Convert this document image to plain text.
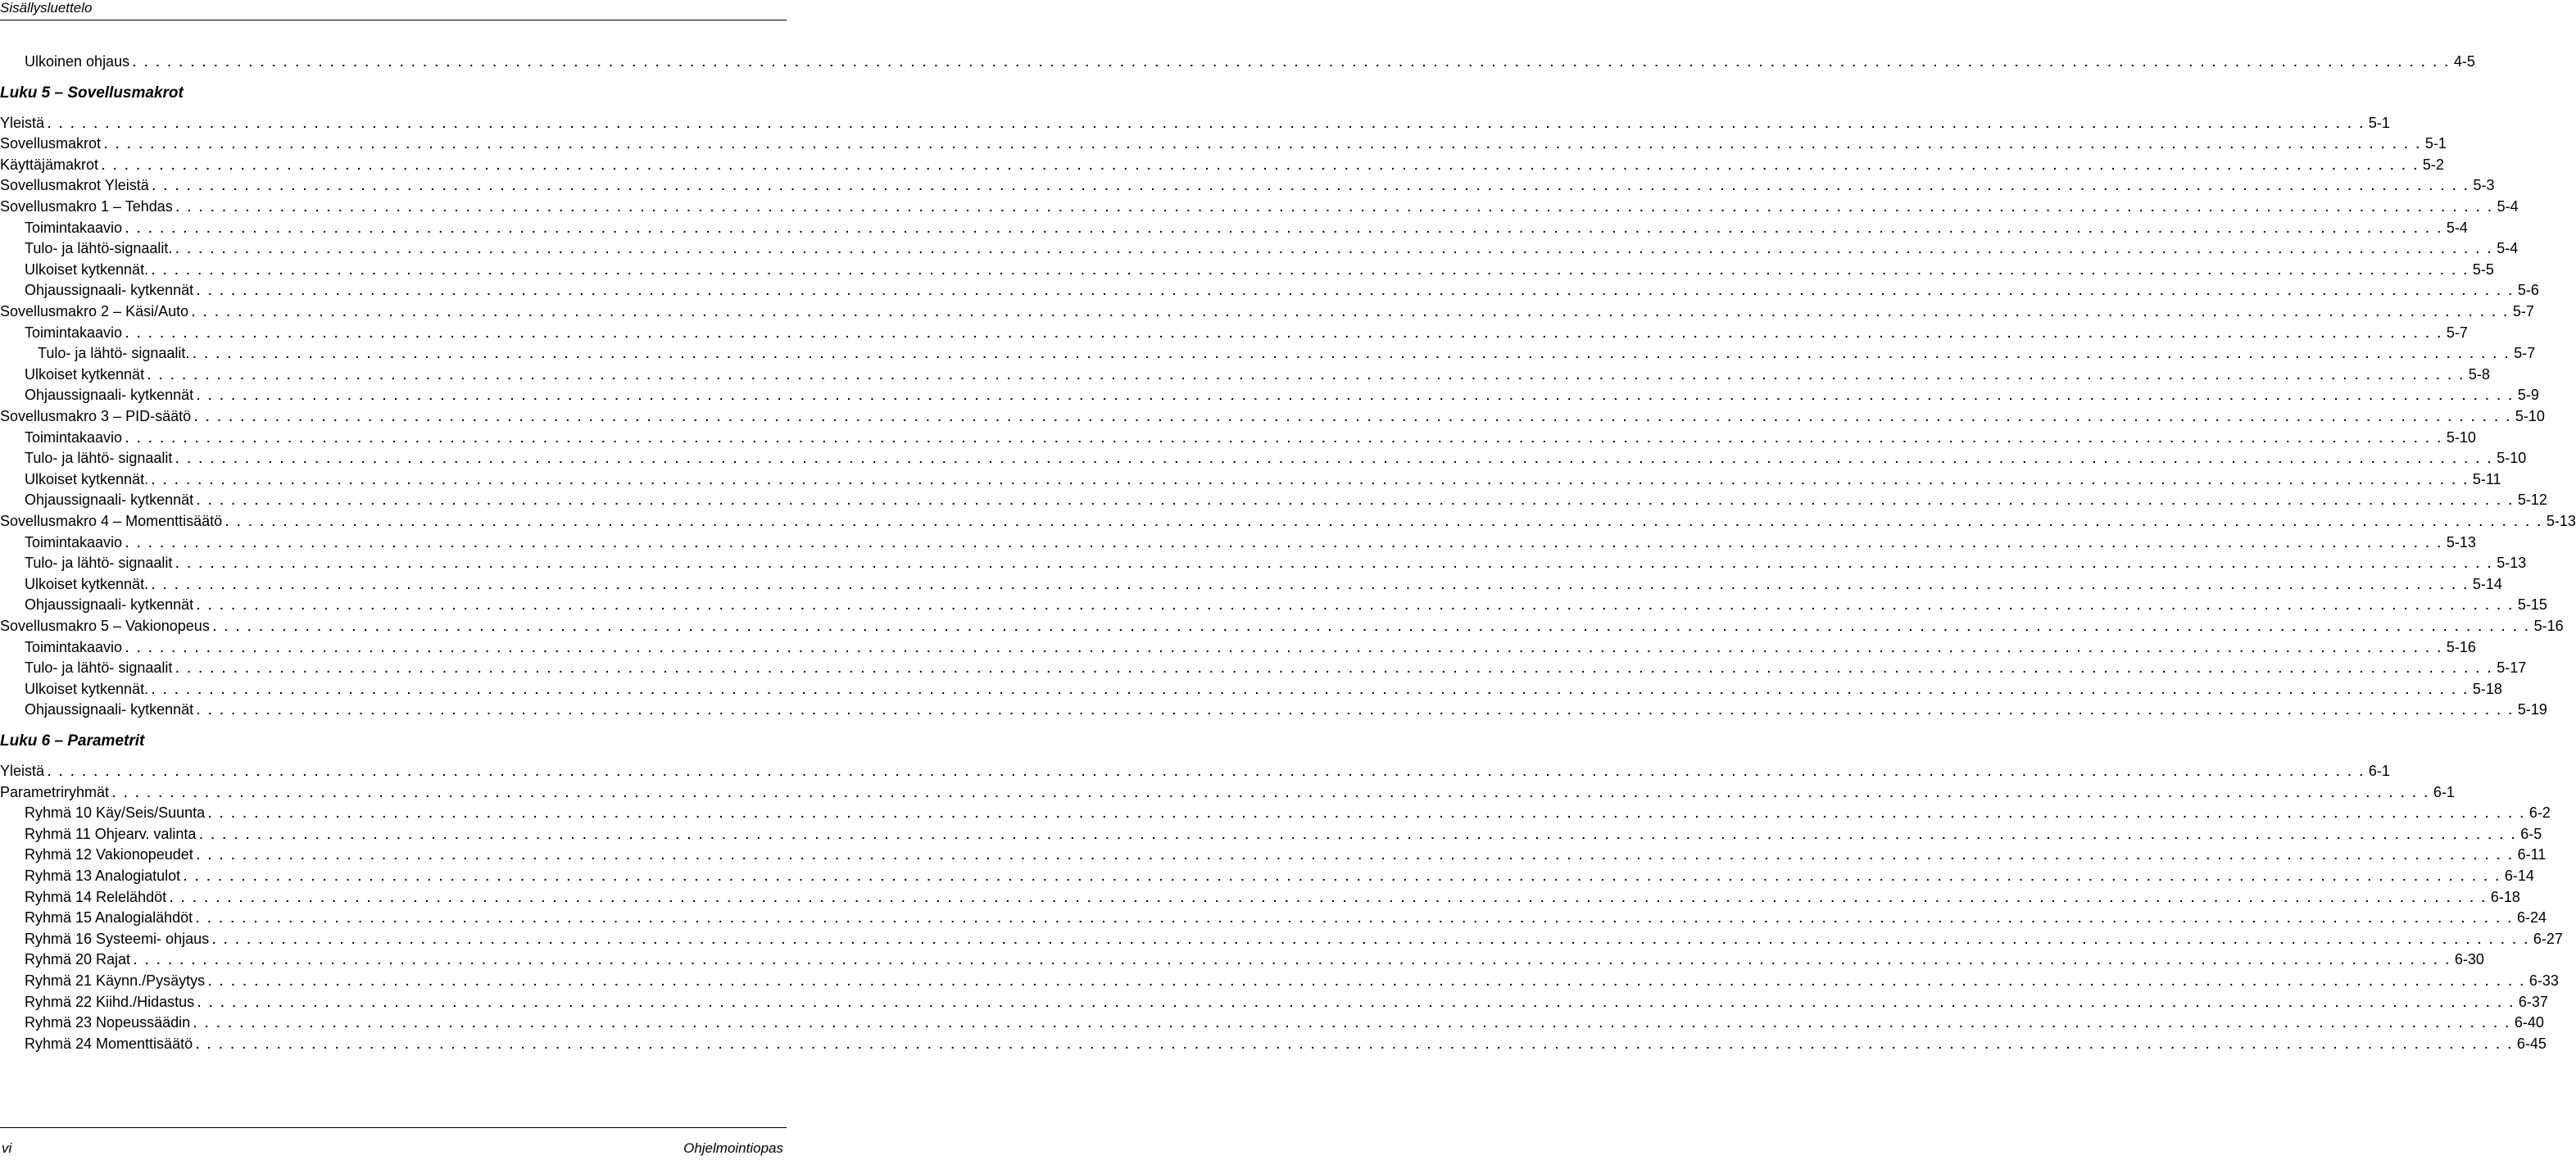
Sisällysluettelo
Ulkoinen ohjaus . . . . . . . . . . . . . . . . . . . . . . . . . . . . . . . . . . . . . . . . . . . . . . . . . . . . . . . . . . . . . . . . . . . . . . . . . . . . . . . . . . . . . . . . . . . . . . . . . . . . . . . . . . . . . . . . . . . . . . . . . . . . . . . . . . . . . . . . . . . . . . . . . . . . . . . . . . . . . . . . . . . . . . . . . . . . . . . . . . . . . . . . . . . . . . . . . . . . . . . . 4-5
Luku 5 – Sovellusmakrot
Yleistä . . . . . . . . . . . . . . . . . . . . . . . . . . . . . . . . . . . . . . . . . . . . . . . . . . . . . . . . . . . . . . . . . . . . . . . . . . . . . . . . . . . . . . . . . . . . . . . . . . . . . . . . . . . . . . . . . . . . . . . . . . . . . . . . . . . . . . . . . . . . . . . . . . . . . . . . . . . . . . . . . . . . . . . . . . . . . . . . . . . . . . . . . . . . . . . . . . . . . . . . 5-1
Sovellusmakrot . . . . . . . . . . . . . . . . . . . . . . . . . . . . . . . . . . . . . . . . . . . . . . . . . . . . . . . . . . . . . . . . . . . . . . . . . . . . . . . . . . . . . . . . . . . . . . . . . . . . . . . . . . . . . . . . . . . . . . . . . . . . . . . . . . . . . . . . . . . . . . . . . . . . . . . . . . . . . . . . . . . . . . . . . . . . . . . . . . . . . . . . . . . . . . . . . . . . . . . . 5-1
Käyttäjämakrot . . . . . . . . . . . . . . . . . . . . . . . . . . . . . . . . . . . . . . . . . . . . . . . . . . . . . . . . . . . . . . . . . . . . . . . . . . . . . . . . . . . . . . . . . . . . . . . . . . . . . . . . . . . . . . . . . . . . . . . . . . . . . . . . . . . . . . . . . . . . . . . . . . . . . . . . . . . . . . . . . . . . . . . . . . . . . . . . . . . . . . . . . . . . . . . . . . . . . . . . 5-2
Sovellusmakrot Yleistä . . . . . . . . . . . . . . . . . . . . . . . . . . . . . . . . . . . . . . . . . . . . . . . . . . . . . . . . . . . . . . . . . . . . . . . . . . . . . . . . . . . . . . . . . . . . . . . . . . . . . . . . . . . . . . . . . . . . . . . . . . . . . . . . . . . . . . . . . . . . . . . . . . . . . . . . . . . . . . . . . . . . . . . . . . . . . . . . . . . . . . . . . . . . . . . . . . . . . . . . 5-3
Sovellusmakro 1 – Tehdas . . . . . . . . . . . . . . . . . . . . . . . . . . . . . . . . . . . . . . . . . . . . . . . . . . . . . . . . . . . . . . . . . . . . . . . . . . . . . . . . . . . . . . . . . . . . . . . . . . . . . . . . . . . . . . . . . . . . . . . . . . . . . . . . . . . . . . . . . . . . . . . . . . . . . . . . . . . . . . . . . . . . . . . . . . . . . . . . . . . . . . . . . . . . . . . . . . . . . . . . 5-4
Toimintakaavio . . . . . . . . . . . . . . . . . . . . . . . . . . . . . . . . . . . . . . . . . . . . . . . . . . . . . . . . . . . . . . . . . . . . . . . . . . . . . . . . . . . . . . . . . . . . . . . . . . . . . . . . . . . . . . . . . . . . . . . . . . . . . . . . . . . . . . . . . . . . . . . . . . . . . . . . . . . . . . . . . . . . . . . . . . . . . . . . . . . . . . . . . . . . . . . . . . . . . . . . 5-4
Tulo- ja lähtö-signaalit. . . . . . . . . . . . . . . . . . . . . . . . . . . . . . . . . . . . . . . . . . . . . . . . . . . . . . . . . . . . . . . . . . . . . . . . . . . . . . . . . . . . . . . . . . . . . . . . . . . . . . . . . . . . . . . . . . . . . . . . . . . . . . . . . . . . . . . . . . . . . . . . . . . . . . . . . . . . . . . . . . . . . . . . . . . . . . . . . . . . . . . . . . . . . . . . . . . . . . . . . 5-4
Ulkoiset kytkennät. . . . . . . . . . . . . . . . . . . . . . . . . . . . . . . . . . . . . . . . . . . . . . . . . . . . . . . . . . . . . . . . . . . . . . . . . . . . . . . . . . . . . . . . . . . . . . . . . . . . . . . . . . . . . . . . . . . . . . . . . . . . . . . . . . . . . . . . . . . . . . . . . . . . . . . . . . . . . . . . . . . . . . . . . . . . . . . . . . . . . . . . . . . . . . . . . . . . . . . . . 5-5
Ohjaussignaali- kytkennät . . . . . . . . . . . . . . . . . . . . . . . . . . . . . . . . . . . . . . . . . . . . . . . . . . . . . . . . . . . . . . . . . . . . . . . . . . . . . . . . . . . . . . . . . . . . . . . . . . . . . . . . . . . . . . . . . . . . . . . . . . . . . . . . . . . . . . . . . . . . . . . . . . . . . . . . . . . . . . . . . . . . . . . . . . . . . . . . . . . . . . . . . . . . . . . . . . . . . . . . 5-6
Sovellusmakro 2 – Käsi/Auto . . . . . . . . . . . . . . . . . . . . . . . . . . . . . . . . . . . . . . . . . . . . . . . . . . . . . . . . . . . . . . . . . . . . . . . . . . . . . . . . . . . . . . . . . . . . . . . . . . . . . . . . . . . . . . . . . . . . . . . . . . . . . . . . . . . . . . . . . . . . . . . . . . . . . . . . . . . . . . . . . . . . . . . . . . . . . . . . . . . . . . . . . . . . . . . . . . . . . . . . 5-7
Toimintakaavio . . . . . . . . . . . . . . . . . . . . . . . . . . . . . . . . . . . . . . . . . . . . . . . . . . . . . . . . . . . . . . . . . . . . . . . . . . . . . . . . . . . . . . . . . . . . . . . . . . . . . . . . . . . . . . . . . . . . . . . . . . . . . . . . . . . . . . . . . . . . . . . . . . . . . . . . . . . . . . . . . . . . . . . . . . . . . . . . . . . . . . . . . . . . . . . . . . . . . . . . 5-7
Tulo- ja lähtö- signaalit. . . . . . . . . . . . . . . . . . . . . . . . . . . . . . . . . . . . . . . . . . . . . . . . . . . . . . . . . . . . . . . . . . . . . . . . . . . . . . . . . . . . . . . . . . . . . . . . . . . . . . . . . . . . . . . . . . . . . . . . . . . . . . . . . . . . . . . . . . . . . . . . . . . . . . . . . . . . . . . . . . . . . . . . . . . . . . . . . . . . . . . . . . . . . . . . . . . . . . . . . 5-7
Ulkoiset kytkennät . . . . . . . . . . . . . . . . . . . . . . . . . . . . . . . . . . . . . . . . . . . . . . . . . . . . . . . . . . . . . . . . . . . . . . . . . . . . . . . . . . . . . . . . . . . . . . . . . . . . . . . . . . . . . . . . . . . . . . . . . . . . . . . . . . . . . . . . . . . . . . . . . . . . . . . . . . . . . . . . . . . . . . . . . . . . . . . . . . . . . . . . . . . . . . . . . . . . . . . . 5-8
Ohjaussignaali- kytkennät . . . . . . . . . . . . . . . . . . . . . . . . . . . . . . . . . . . . . . . . . . . . . . . . . . . . . . . . . . . . . . . . . . . . . . . . . . . . . . . . . . . . . . . . . . . . . . . . . . . . . . . . . . . . . . . . . . . . . . . . . . . . . . . . . . . . . . . . . . . . . . . . . . . . . . . . . . . . . . . . . . . . . . . . . . . . . . . . . . . . . . . . . . . . . . . . . . . . . . . . 5-9
Sovellusmakro 3 – PID-säätö . . . . . . . . . . . . . . . . . . . . . . . . . . . . . . . . . . . . . . . . . . . . . . . . . . . . . . . . . . . . . . . . . . . . . . . . . . . . . . . . . . . . . . . . . . . . . . . . . . . . . . . . . . . . . . . . . . . . . . . . . . . . . . . . . . . . . . . . . . . . . . . . . . . . . . . . . . . . . . . . . . . . . . . . . . . . . . . . . . . . . . . . . . . . . . . . . . . . . . . . 5-10
Toimintakaavio . . . . . . . . . . . . . . . . . . . . . . . . . . . . . . . . . . . . . . . . . . . . . . . . . . . . . . . . . . . . . . . . . . . . . . . . . . . . . . . . . . . . . . . . . . . . . . . . . . . . . . . . . . . . . . . . . . . . . . . . . . . . . . . . . . . . . . . . . . . . . . . . . . . . . . . . . . . . . . . . . . . . . . . . . . . . . . . . . . . . . . . . . . . . . . . . . . . . . . . . 5-10
Tulo- ja lähtö- signaalit . . . . . . . . . . . . . . . . . . . . . . . . . . . . . . . . . . . . . . . . . . . . . . . . . . . . . . . . . . . . . . . . . . . . . . . . . . . . . . . . . . . . . . . . . . . . . . . . . . . . . . . . . . . . . . . . . . . . . . . . . . . . . . . . . . . . . . . . . . . . . . . . . . . . . . . . . . . . . . . . . . . . . . . . . . . . . . . . . . . . . . . . . . . . . . . . . . . . . . . . 5-10
Ulkoiset kytkennät. . . . . . . . . . . . . . . . . . . . . . . . . . . . . . . . . . . . . . . . . . . . . . . . . . . . . . . . . . . . . . . . . . . . . . . . . . . . . . . . . . . . . . . . . . . . . . . . . . . . . . . . . . . . . . . . . . . . . . . . . . . . . . . . . . . . . . . . . . . . . . . . . . . . . . . . . . . . . . . . . . . . . . . . . . . . . . . . . . . . . . . . . . . . . . . . . . . . . . . . . 5-11
Ohjaussignaali- kytkennät . . . . . . . . . . . . . . . . . . . . . . . . . . . . . . . . . . . . . . . . . . . . . . . . . . . . . . . . . . . . . . . . . . . . . . . . . . . . . . . . . . . . . . . . . . . . . . . . . . . . . . . . . . . . . . . . . . . . . . . . . . . . . . . . . . . . . . . . . . . . . . . . . . . . . . . . . . . . . . . . . . . . . . . . . . . . . . . . . . . . . . . . . . . . . . . . . . . . . . . . 5-12
Sovellusmakro 4 – Momenttisäätö . . . . . . . . . . . . . . . . . . . . . . . . . . . . . . . . . . . . . . . . . . . . . . . . . . . . . . . . . . . . . . . . . . . . . . . . . . . . . . . . . . . . . . . . . . . . . . . . . . . . . . . . . . . . . . . . . . . . . . . . . . . . . . . . . . . . . . . . . . . . . . . . . . . . . . . . . . . . . . . . . . . . . . . . . . . . . . . . . . . . . . . . . . . . . . . . . . . . . . . . 5-13
Toimintakaavio . . . . . . . . . . . . . . . . . . . . . . . . . . . . . . . . . . . . . . . . . . . . . . . . . . . . . . . . . . . . . . . . . . . . . . . . . . . . . . . . . . . . . . . . . . . . . . . . . . . . . . . . . . . . . . . . . . . . . . . . . . . . . . . . . . . . . . . . . . . . . . . . . . . . . . . . . . . . . . . . . . . . . . . . . . . . . . . . . . . . . . . . . . . . . . . . . . . . . . . . 5-13
Tulo- ja lähtö- signaalit . . . . . . . . . . . . . . . . . . . . . . . . . . . . . . . . . . . . . . . . . . . . . . . . . . . . . . . . . . . . . . . . . . . . . . . . . . . . . . . . . . . . . . . . . . . . . . . . . . . . . . . . . . . . . . . . . . . . . . . . . . . . . . . . . . . . . . . . . . . . . . . . . . . . . . . . . . . . . . . . . . . . . . . . . . . . . . . . . . . . . . . . . . . . . . . . . . . . . . . . 5-13
Ulkoiset kytkennät. . . . . . . . . . . . . . . . . . . . . . . . . . . . . . . . . . . . . . . . . . . . . . . . . . . . . . . . . . . . . . . . . . . . . . . . . . . . . . . . . . . . . . . . . . . . . . . . . . . . . . . . . . . . . . . . . . . . . . . . . . . . . . . . . . . . . . . . . . . . . . . . . . . . . . . . . . . . . . . . . . . . . . . . . . . . . . . . . . . . . . . . . . . . . . . . . . . . . . . . . 5-14
Ohjaussignaali- kytkennät . . . . . . . . . . . . . . . . . . . . . . . . . . . . . . . . . . . . . . . . . . . . . . . . . . . . . . . . . . . . . . . . . . . . . . . . . . . . . . . . . . . . . . . . . . . . . . . . . . . . . . . . . . . . . . . . . . . . . . . . . . . . . . . . . . . . . . . . . . . . . . . . . . . . . . . . . . . . . . . . . . . . . . . . . . . . . . . . . . . . . . . . . . . . . . . . . . . . . . . . 5-15
Sovellusmakro 5 – Vakionopeus . . . . . . . . . . . . . . . . . . . . . . . . . . . . . . . . . . . . . . . . . . . . . . . . . . . . . . . . . . . . . . . . . . . . . . . . . . . . . . . . . . . . . . . . . . . . . . . . . . . . . . . . . . . . . . . . . . . . . . . . . . . . . . . . . . . . . . . . . . . . . . . . . . . . . . . . . . . . . . . . . . . . . . . . . . . . . . . . . . . . . . . . . . . . . . . . . . . . . . . . 5-16
Toimintakaavio . . . . . . . . . . . . . . . . . . . . . . . . . . . . . . . . . . . . . . . . . . . . . . . . . . . . . . . . . . . . . . . . . . . . . . . . . . . . . . . . . . . . . . . . . . . . . . . . . . . . . . . . . . . . . . . . . . . . . . . . . . . . . . . . . . . . . . . . . . . . . . . . . . . . . . . . . . . . . . . . . . . . . . . . . . . . . . . . . . . . . . . . . . . . . . . . . . . . . . . . 5-16
Tulo- ja lähtö- signaalit . . . . . . . . . . . . . . . . . . . . . . . . . . . . . . . . . . . . . . . . . . . . . . . . . . . . . . . . . . . . . . . . . . . . . . . . . . . . . . . . . . . . . . . . . . . . . . . . . . . . . . . . . . . . . . . . . . . . . . . . . . . . . . . . . . . . . . . . . . . . . . . . . . . . . . . . . . . . . . . . . . . . . . . . . . . . . . . . . . . . . . . . . . . . . . . . . . . . . . . . 5-17
Ulkoiset kytkennät. . . . . . . . . . . . . . . . . . . . . . . . . . . . . . . . . . . . . . . . . . . . . . . . . . . . . . . . . . . . . . . . . . . . . . . . . . . . . . . . . . . . . . . . . . . . . . . . . . . . . . . . . . . . . . . . . . . . . . . . . . . . . . . . . . . . . . . . . . . . . . . . . . . . . . . . . . . . . . . . . . . . . . . . . . . . . . . . . . . . . . . . . . . . . . . . . . . . . . . . . 5-18
Ohjaussignaali- kytkennät . . . . . . . . . . . . . . . . . . . . . . . . . . . . . . . . . . . . . . . . . . . . . . . . . . . . . . . . . . . . . . . . . . . . . . . . . . . . . . . . . . . . . . . . . . . . . . . . . . . . . . . . . . . . . . . . . . . . . . . . . . . . . . . . . . . . . . . . . . . . . . . . . . . . . . . . . . . . . . . . . . . . . . . . . . . . . . . . . . . . . . . . . . . . . . . . . . . . . . . . 5-19
Luku 6 – Parametrit
Yleistä . . . . . . . . . . . . . . . . . . . . . . . . . . . . . . . . . . . . . . . . . . . . . . . . . . . . . . . . . . . . . . . . . . . . . . . . . . . . . . . . . . . . . . . . . . . . . . . . . . . . . . . . . . . . . . . . . . . . . . . . . . . . . . . . . . . . . . . . . . . . . . . . . . . . . . . . . . . . . . . . . . . . . . . . . . . . . . . . . . . . . . . . . . . . . . . . . . . . . . . . 6-1
Parametriryhmät . . . . . . . . . . . . . . . . . . . . . . . . . . . . . . . . . . . . . . . . . . . . . . . . . . . . . . . . . . . . . . . . . . . . . . . . . . . . . . . . . . . . . . . . . . . . . . . . . . . . . . . . . . . . . . . . . . . . . . . . . . . . . . . . . . . . . . . . . . . . . . . . . . . . . . . . . . . . . . . . . . . . . . . . . . . . . . . . . . . . . . . . . . . . . . . . . . . . . . . . 6-1
Ryhmä 10 Käy/Seis/Suunta . . . . . . . . . . . . . . . . . . . . . . . . . . . . . . . . . . . . . . . . . . . . . . . . . . . . . . . . . . . . . . . . . . . . . . . . . . . . . . . . . . . . . . . . . . . . . . . . . . . . . . . . . . . . . . . . . . . . . . . . . . . . . . . . . . . . . . . . . . . . . . . . . . . . . . . . . . . . . . . . . . . . . . . . . . . . . . . . . . . . . . . . . . . . . . . . . . . . . . . . 6-2
Ryhmä 11 Ohjearv. valinta . . . . . . . . . . . . . . . . . . . . . . . . . . . . . . . . . . . . . . . . . . . . . . . . . . . . . . . . . . . . . . . . . . . . . . . . . . . . . . . . . . . . . . . . . . . . . . . . . . . . . . . . . . . . . . . . . . . . . . . . . . . . . . . . . . . . . . . . . . . . . . . . . . . . . . . . . . . . . . . . . . . . . . . . . . . . . . . . . . . . . . . . . . . . . . . . . . . . . . . . 6-5
Ryhmä 12 Vakionopeudet . . . . . . . . . . . . . . . . . . . . . . . . . . . . . . . . . . . . . . . . . . . . . . . . . . . . . . . . . . . . . . . . . . . . . . . . . . . . . . . . . . . . . . . . . . . . . . . . . . . . . . . . . . . . . . . . . . . . . . . . . . . . . . . . . . . . . . . . . . . . . . . . . . . . . . . . . . . . . . . . . . . . . . . . . . . . . . . . . . . . . . . . . . . . . . . . . . . . . . . . 6-11
Ryhmä 13 Analogiatulot . . . . . . . . . . . . . . . . . . . . . . . . . . . . . . . . . . . . . . . . . . . . . . . . . . . . . . . . . . . . . . . . . . . . . . . . . . . . . . . . . . . . . . . . . . . . . . . . . . . . . . . . . . . . . . . . . . . . . . . . . . . . . . . . . . . . . . . . . . . . . . . . . . . . . . . . . . . . . . . . . . . . . . . . . . . . . . . . . . . . . . . . . . . . . . . . . . . . . . . . 6-14
Ryhmä 14 Relelähdöt . . . . . . . . . . . . . . . . . . . . . . . . . . . . . . . . . . . . . . . . . . . . . . . . . . . . . . . . . . . . . . . . . . . . . . . . . . . . . . . . . . . . . . . . . . . . . . . . . . . . . . . . . . . . . . . . . . . . . . . . . . . . . . . . . . . . . . . . . . . . . . . . . . . . . . . . . . . . . . . . . . . . . . . . . . . . . . . . . . . . . . . . . . . . . . . . . . . . . . . . 6-18
Ryhmä 15 Analogialähdöt . . . . . . . . . . . . . . . . . . . . . . . . . . . . . . . . . . . . . . . . . . . . . . . . . . . . . . . . . . . . . . . . . . . . . . . . . . . . . . . . . . . . . . . . . . . . . . . . . . . . . . . . . . . . . . . . . . . . . . . . . . . . . . . . . . . . . . . . . . . . . . . . . . . . . . . . . . . . . . . . . . . . . . . . . . . . . . . . . . . . . . . . . . . . . . . . . . . . . . . . 6-24
Ryhmä 16 Systeemi- ohjaus . . . . . . . . . . . . . . . . . . . . . . . . . . . . . . . . . . . . . . . . . . . . . . . . . . . . . . . . . . . . . . . . . . . . . . . . . . . . . . . . . . . . . . . . . . . . . . . . . . . . . . . . . . . . . . . . . . . . . . . . . . . . . . . . . . . . . . . . . . . . . . . . . . . . . . . . . . . . . . . . . . . . . . . . . . . . . . . . . . . . . . . . . . . . . . . . . . . . . . . . 6-27
Ryhmä 20 Rajat . . . . . . . . . . . . . . . . . . . . . . . . . . . . . . . . . . . . . . . . . . . . . . . . . . . . . . . . . . . . . . . . . . . . . . . . . . . . . . . . . . . . . . . . . . . . . . . . . . . . . . . . . . . . . . . . . . . . . . . . . . . . . . . . . . . . . . . . . . . . . . . . . . . . . . . . . . . . . . . . . . . . . . . . . . . . . . . . . . . . . . . . . . . . . . . . . . . . . . . . 6-30
Ryhmä 21 Käynn./Pysäytys . . . . . . . . . . . . . . . . . . . . . . . . . . . . . . . . . . . . . . . . . . . . . . . . . . . . . . . . . . . . . . . . . . . . . . . . . . . . . . . . . . . . . . . . . . . . . . . . . . . . . . . . . . . . . . . . . . . . . . . . . . . . . . . . . . . . . . . . . . . . . . . . . . . . . . . . . . . . . . . . . . . . . . . . . . . . . . . . . . . . . . . . . . . . . . . . . . . . . . . . 6-33
Ryhmä 22 Kiihd./Hidastus . . . . . . . . . . . . . . . . . . . . . . . . . . . . . . . . . . . . . . . . . . . . . . . . . . . . . . . . . . . . . . . . . . . . . . . . . . . . . . . . . . . . . . . . . . . . . . . . . . . . . . . . . . . . . . . . . . . . . . . . . . . . . . . . . . . . . . . . . . . . . . . . . . . . . . . . . . . . . . . . . . . . . . . . . . . . . . . . . . . . . . . . . . . . . . . . . . . . . . . . 6-37
Ryhmä 23 Nopeussäädin . . . . . . . . . . . . . . . . . . . . . . . . . . . . . . . . . . . . . . . . . . . . . . . . . . . . . . . . . . . . . . . . . . . . . . . . . . . . . . . . . . . . . . . . . . . . . . . . . . . . . . . . . . . . . . . . . . . . . . . . . . . . . . . . . . . . . . . . . . . . . . . . . . . . . . . . . . . . . . . . . . . . . . . . . . . . . . . . . . . . . . . . . . . . . . . . . . . . . . . . 6-40
Ryhmä 24 Momenttisäätö . . . . . . . . . . . . . . . . . . . . . . . . . . . . . . . . . . . . . . . . . . . . . . . . . . . . . . . . . . . . . . . . . . . . . . . . . . . . . . . . . . . . . . . . . . . . . . . . . . . . . . . . . . . . . . . . . . . . . . . . . . . . . . . . . . . . . . . . . . . . . . . . . . . . . . . . . . . . . . . . . . . . . . . . . . . . . . . . . . . . . . . . . . . . . . . . . . . . . . . . 6-45
vi	Ohjelmointiopas
